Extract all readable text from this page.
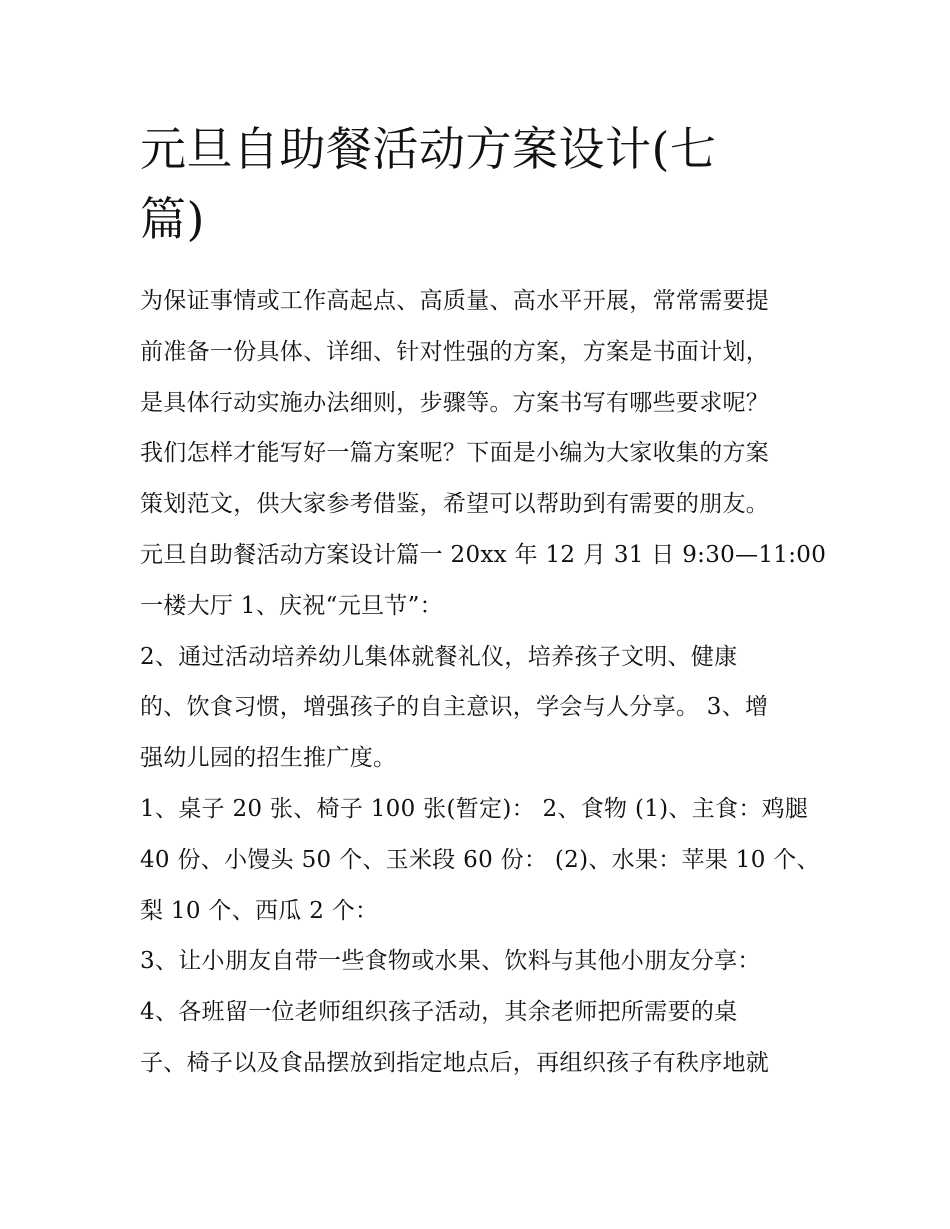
元旦自助餐活动方案设计(七
篇)
为保证事情或工作高起点、高质量、高水平开展，常常需要提
前准备一份具体、详细、针对性强的方案，方案是书面计划，
是具体行动实施办法细则，步骤等。方案书写有哪些要求呢？
我们怎样才能写好一篇方案呢？下面是小编为大家收集的方案
策划范文，供大家参考借鉴，希望可以帮助到有需要的朋友。
元旦自助餐活动方案设计篇一 20xx 年 12 月 31 日 9:30—11:00
一楼大厅 1、庆祝“元旦节”：
2、通过活动培养幼儿集体就餐礼仪，培养孩子文明、健康
的、饮食习惯，增强孩子的自主意识，学会与人分享。 3、增
强幼儿园的招生推广度。
1、桌子 20 张、椅子 100 张(暂定)： 2、食物 (1)、主食：鸡腿
40 份、小馒头 50 个、玉米段 60 份： (2)、水果：苹果 10 个、
梨 10 个、西瓜 2 个：
3、让小朋友自带一些食物或水果、饮料与其他小朋友分享：
4、各班留一位老师组织孩子活动，其余老师把所需要的桌
子、椅子以及食品摆放到指定地点后，再组织孩子有秩序地就
